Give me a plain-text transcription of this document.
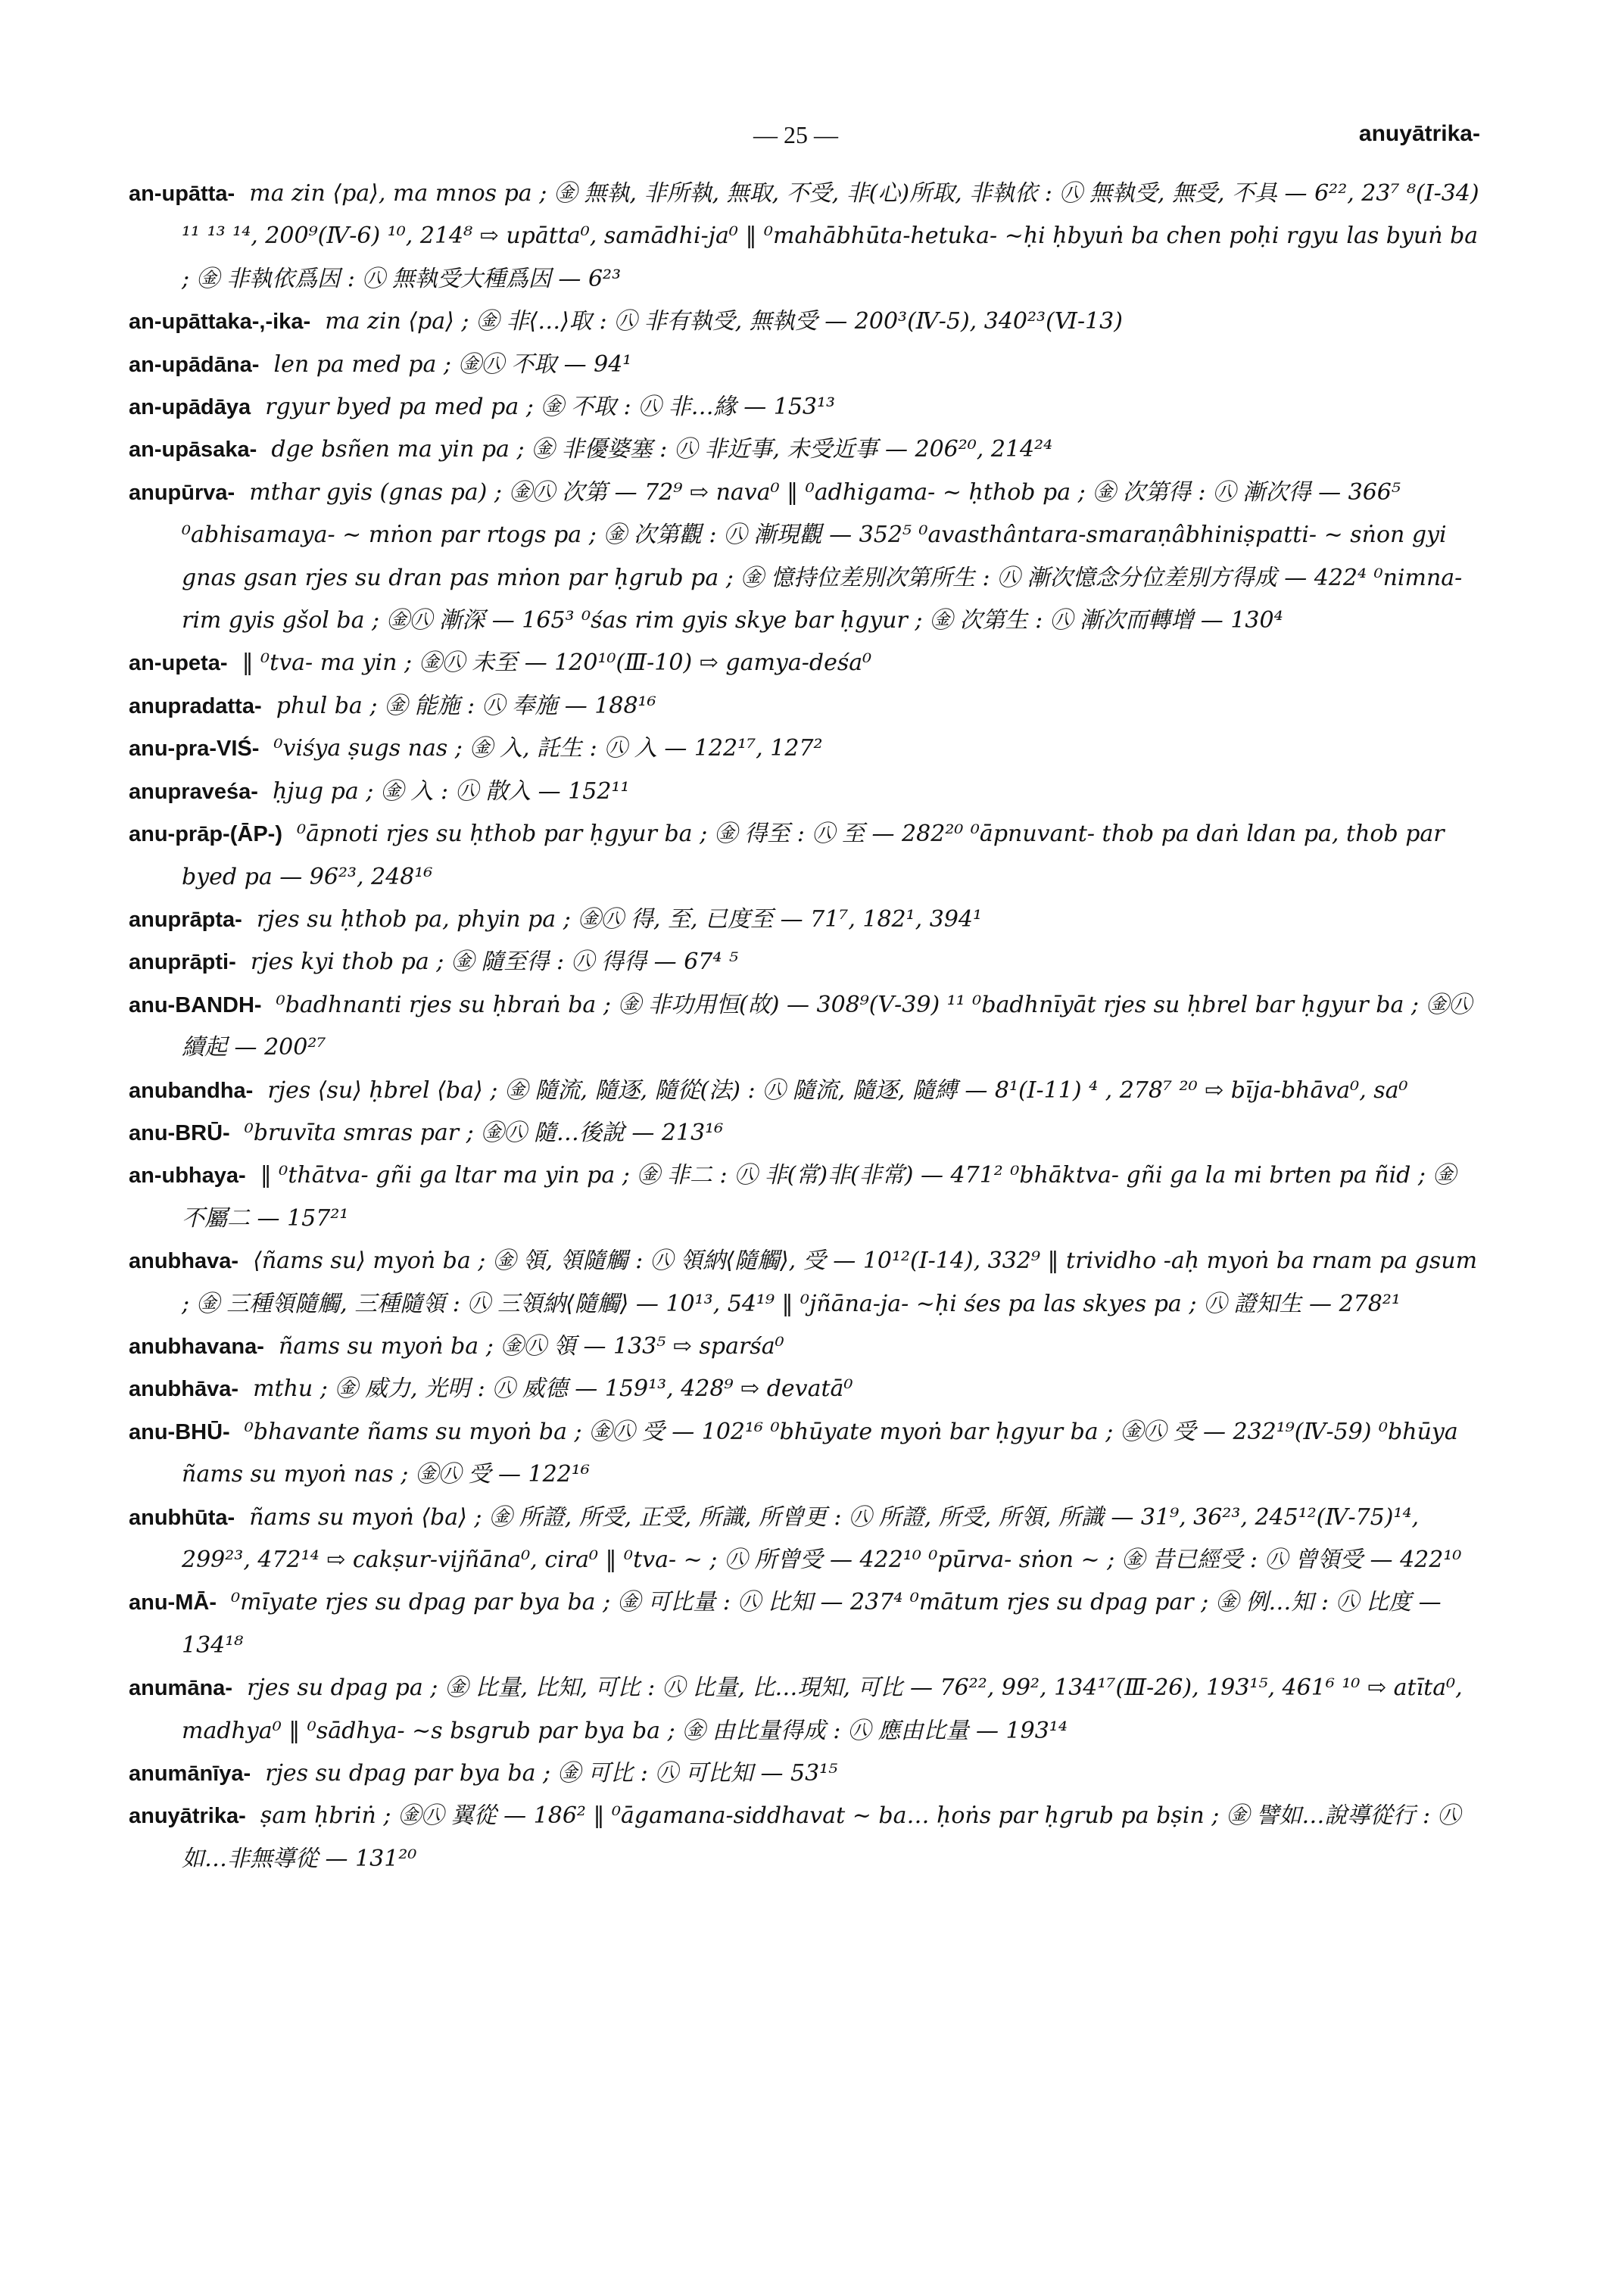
— 25 —	anuyātrika-

an-upātta- ma zin ⟨pa⟩, ma mnos pa ; ㊎ 無執, 非所執, 無取, 不受, 非(心)所取, 非執依 : ㊇ 無執受, 無受, 不具 — 6²², 23⁷ ⁸(Ⅰ-34) ¹¹ ¹³ ¹⁴, 200⁹(Ⅳ-6) ¹⁰, 214⁸ ⇨ upātta⁰, samādhi-ja⁰ ‖ ⁰mahābhūta-hetuka- ~ḥi ḥbyuṅ ba chen poḥi rgyu las byuṅ ba ; ㊎ 非執依爲因 : ㊇ 無執受大種爲因 — 6²³

an-upāttaka-,-ika- ma zin ⟨pa⟩ ; ㊎ 非⟨…⟩取 : ㊇ 非有執受, 無執受 — 200³(Ⅳ-5), 340²³(Ⅵ-13)

an-upādāna- len pa med pa ; ㊎㊇ 不取 — 94¹

an-upādāya rgyur byed pa med pa ; ㊎ 不取 : ㊇ 非…緣 — 153¹³

an-upāsaka- dge bsñen ma yin pa ; ㊎ 非優婆塞 : ㊇ 非近事, 未受近事 — 206²⁰, 214²⁴

anupūrva- mthar gyis (gnas pa) ; ㊎㊇ 次第 — 72⁹ ⇨ nava⁰ ‖ ⁰adhigama- ~ ḥthob pa ; ㊎ 次第得 : ㊇ 漸次得 — 366⁵ ⁰abhisamaya- ~ mṅon par rtogs pa ; ㊎ 次第觀 : ㊇ 漸現觀 — 352⁵ ⁰avasthântara-smaraṇâbhiniṣpatti- ~ sṅon gyi gnas gsan rjes su dran pas mṅon par ḥgrub pa ; ㊎ 憶持位差別次第所生 : ㊇ 漸次憶念分位差別方得成 — 422⁴ ⁰nimna- rim gyis gšol ba ; ㊎㊇ 漸深 — 165³ ⁰śas rim gyis skye bar ḥgyur ; ㊎ 次第生 : ㊇ 漸次而轉增 — 130⁴

an-upeta- ‖ ⁰tva- ma yin ; ㊎㊇ 未至 — 120¹⁰(Ⅲ-10) ⇨ gamya-deśa⁰

anupradatta- phul ba ; ㊎ 能施 : ㊇ 奉施 — 188¹⁶

anu-pra-VIŚ- ⁰viśya ṣugs nas ; ㊎ 入, 託生 : ㊇ 入 — 122¹⁷, 127²

anupraveśa- ḥjug pa ; ㊎ 入 : ㊇ 散入 — 152¹¹

anu-prāp-(ĀP-) ⁰āpnoti rjes su ḥthob par ḥgyur ba ; ㊎ 得至 : ㊇ 至 — 282²⁰ ⁰āpnuvant- thob pa daṅ ldan pa, thob par byed pa — 96²³, 248¹⁶

anuprāpta- rjes su ḥthob pa, phyin pa ; ㊎㊇ 得, 至, 已度至 — 71⁷, 182¹, 394¹

anuprāpti- rjes kyi thob pa ; ㊎ 隨至得 : ㊇ 得得 — 67⁴ ⁵

anu-BANDH- ⁰badhnanti rjes su ḥbraṅ ba ; ㊎ 非功用恒(故) — 308⁹(Ⅴ-39) ¹¹ ⁰badhnīyāt rjes su ḥbrel bar ḥgyur ba ; ㊎㊇ 續起 — 200²⁷

anubandha- rjes ⟨su⟩ ḥbrel ⟨ba⟩ ; ㊎ 隨流, 隨逐, 隨從(法) : ㊇ 隨流, 隨逐, 隨縛 — 8¹(Ⅰ-11) ⁴ , 278⁷ ²⁰ ⇨ bīja-bhāva⁰, sa⁰

anu-BRŪ- ⁰bruvīta smras par ; ㊎㊇ 隨…後說 — 213¹⁶

an-ubhaya- ‖ ⁰thātva- gñi ga ltar ma yin pa ; ㊎ 非二 : ㊇ 非(常)非(非常) — 471² ⁰bhāktva- gñi ga la mi brten pa ñid ; ㊎ 不屬二 — 157²¹

anubhava- ⟨ñams su⟩ myoṅ ba ; ㊎ 領, 領隨觸 : ㊇ 領納⟨隨觸⟩, 受 — 10¹²(Ⅰ-14), 332⁹ ‖ trividho -aḥ myoṅ ba rnam pa gsum ; ㊎ 三種領隨觸, 三種隨領 : ㊇ 三領納⟨隨觸⟩ — 10¹³, 54¹⁹ ‖ ⁰jñāna-ja- ~ḥi śes pa las skyes pa ; ㊇ 證知生 — 278²¹

anubhavana- ñams su myoṅ ba ; ㊎㊇ 領 — 133⁵ ⇨ sparśa⁰

anubhāva- mthu ; ㊎ 威力, 光明 : ㊇ 威德 — 159¹³, 428⁹ ⇨ devatā⁰

anu-BHŪ- ⁰bhavante ñams su myoṅ ba ; ㊎㊇ 受 — 102¹⁶ ⁰bhūyate myoṅ bar ḥgyur ba ; ㊎㊇ 受 — 232¹⁹(Ⅳ-59) ⁰bhūya ñams su myoṅ nas ; ㊎㊇ 受 — 122¹⁶

anubhūta- ñams su myoṅ ⟨ba⟩ ; ㊎ 所證, 所受, 正受, 所識, 所曾更 : ㊇ 所證, 所受, 所領, 所識 — 31⁹, 36²³, 245¹²(Ⅳ-75)¹⁴, 299²³, 472¹⁴ ⇨ cakṣur-vijñāna⁰, cira⁰ ‖ ⁰tva- ~ ; ㊇ 所曾受 — 422¹⁰ ⁰pūrva- sṅon ~ ; ㊎ 昔已經受 : ㊇ 曾領受 — 422¹⁰

anu-MĀ- ⁰mīyate rjes su dpag par bya ba ; ㊎ 可比量 : ㊇ 比知 — 237⁴ ⁰mātum rjes su dpag par ; ㊎ 例…知 : ㊇ 比度 — 134¹⁸

anumāna- rjes su dpag pa ; ㊎ 比量, 比知, 可比 : ㊇ 比量, 比…現知, 可比 — 76²², 99², 134¹⁷(Ⅲ-26), 193¹⁵, 461⁶ ¹⁰ ⇨ atīta⁰, madhya⁰ ‖ ⁰sādhya- ~s bsgrub par bya ba ; ㊎ 由比量得成 : ㊇ 應由比量 — 193¹⁴

anumānīya- rjes su dpag par bya ba ; ㊎ 可比 : ㊇ 可比知 — 53¹⁵

anuyātrika- ṣam ḥbriṅ ; ㊎㊇ 翼從 — 186² ‖ ⁰āgamana-siddhavat ~ ba… ḥoṅs par ḥgrub pa bṣin ; ㊎ 譬如…說導從行 : ㊇ 如…非無導從 — 131²⁰
